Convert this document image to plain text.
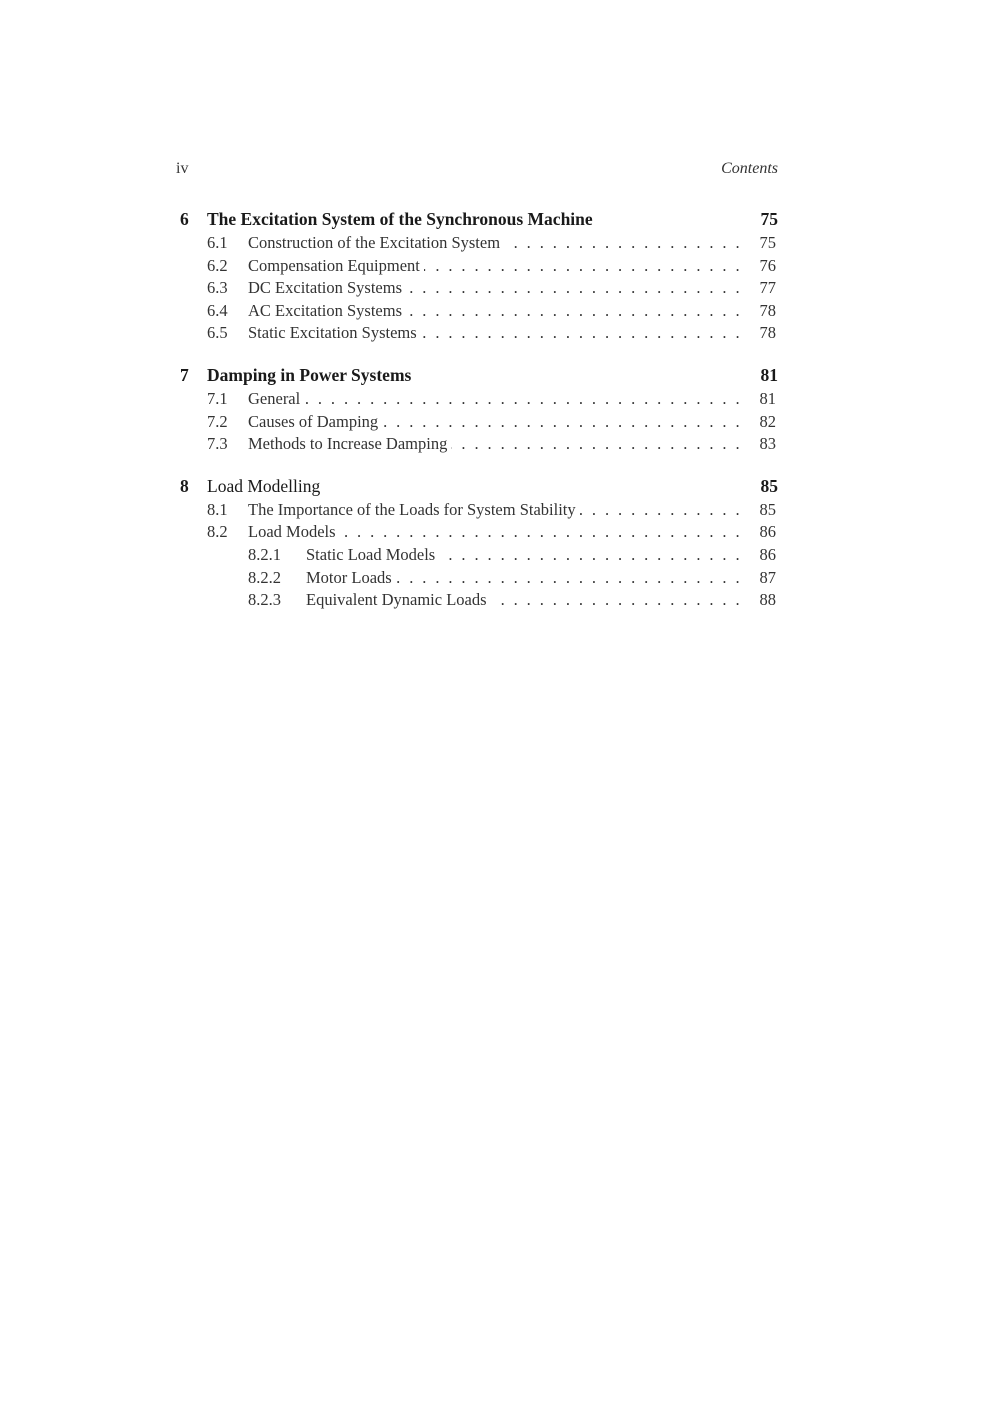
iv	Contents
6 The Excitation System of the Synchronous Machine	75
6.1 Construction of the Excitation System . . .	75
6.2 Compensation Equipment . . .	76
6.3 DC Excitation Systems . . .	77
6.4 AC Excitation Systems . . .	78
6.5 Static Excitation Systems . . .	78
7 Damping in Power Systems	81
7.1 General . . .	81
7.2 Causes of Damping . . .	82
7.3 Methods to Increase Damping . . .	83
8 Load Modelling	85
8.1 The Importance of the Loads for System Stability . . .	85
8.2 Load Models . . .	86
8.2.1 Static Load Models . . .	86
8.2.2 Motor Loads . . .	87
8.2.3 Equivalent Dynamic Loads . . .	88
